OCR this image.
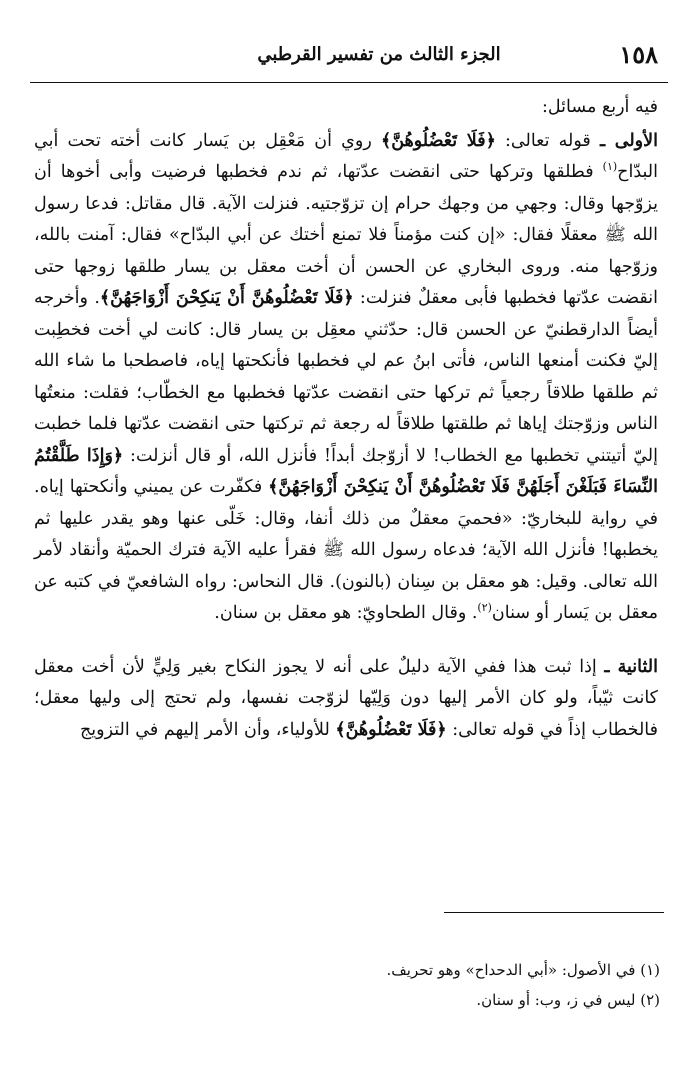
١٥٨
الجزء الثالث من تفسير القرطبي

فيه أربع مسائل:

الأولى ـ قوله تعالى: ﴿فَلَا تَعْضُلُوهُنَّ﴾ روي أن مَعْقِل بن يَسار كانت أخته تحت أبي البدّاح$^{(١)}$ فطلقها وتركها حتى انقضت عدّتها، ثم ندم فخطبها فرضيت وأبى أخوها أن يزوّجها وقال: وجهي من وجهك حرام إن تزوّجتيه. فنزلت الآية. قال مقاتل: فدعا رسول الله ﷺ معقلًا فقال: «إن كنت مؤمناً فلا تمنع أختك عن أبي البدّاح» فقال: آمنت بالله، وزوّجها منه. وروى البخاري عن الحسن أن أخت معقل بن يسار طلقها زوجها حتى انقضت عدّتها فخطبها فأبى معقلٌ فنزلت: ﴿فَلَا تَعْضُلُوهُنَّ أَنْ يَنكِحْنَ أَزْوَاجَهُنَّ﴾. وأخرجه أيضاً الدارقطنيّ عن الحسن قال: حدّثني معقِل بن يسار قال: كانت لي أخت فخطِبت إليّ فكنت أمنعها الناس، فأتى ابنُ عم لي فخطبها فأنكحتها إياه، فاصطحبا ما شاء الله ثم طلقها طلاقاً رجعياً ثم تركها حتى انقضت عدّتها فخطبها مع الخطّاب؛ فقلت: منعتُها الناس وزوّجتك إياها ثم طلقتها طلاقاً له رجعة ثم تركتها حتى انقضت عدّتها فلما خطبت إليّ أتيتني تخطبها مع الخطاب! لا أزوّجك أبداً! فأنزل الله، أو قال أنزلت: ﴿وَإِذَا طَلَّقْتُمُ النِّسَاءَ فَبَلَغْنَ أَجَلَهُنَّ فَلَا تَعْضُلُوهُنَّ أَنْ يَنكِحْنَ أَزْوَاجَهُنَّ﴾ فكفّرت عن يميني وأنكحتها إياه. في رواية للبخاريّ: «فحميَ معقلٌ من ذلك أنفا، وقال: خَلّى عنها وهو يقدر عليها ثم يخطبها! فأنزل الله الآية؛ فدعاه رسول الله ﷺ فقرأ عليه الآية فترك الحميّة وأنقاد لأمر الله تعالى. وقيل: هو معقل بن سِنان (بالنون). قال النحاس: رواه الشافعيّ في كتبه عن معقل بن يَسار أو سنان$^{(٢)}$. وقال الطحاويّ: هو معقل بن سنان.

الثانية ـ إذا ثبت هذا ففي الآية دليلٌ على أنه لا يجوز النكاح بغير وَلِيٍّ لأن أخت معقل كانت ثيّباً، ولو كان الأمر إليها دون وَلِيّها لزوّجت نفسها، ولم تحتج إلى وليها معقل؛ فالخطاب إذاً في قوله تعالى: ﴿فَلَا تَعْضُلُوهُنَّ﴾ للأولياء، وأن الأمر إليهم في التزويج

(١) في الأصول: «أبي الدحداح» وهو تحريف.

(٢) ليس في ز، وب: أو سنان.
